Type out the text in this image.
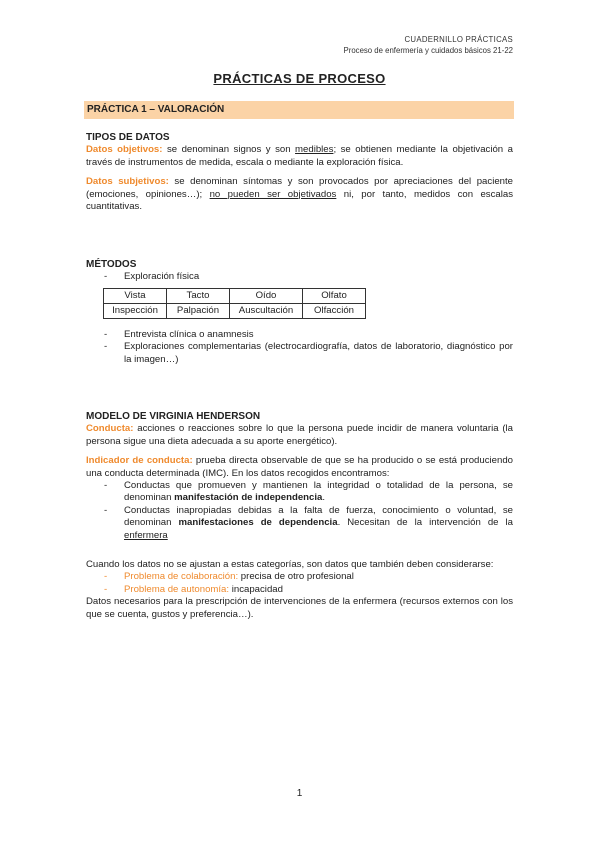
CUADERNILLO PRÁCTICAS
Proceso de enfermería y cuidados básicos 21-22
PRÁCTICAS DE PROCESO
PRÁCTICA 1 – VALORACIÓN
TIPOS DE DATOS
Datos objetivos: se denominan signos y son medibles; se obtienen mediante la objetivación a través de instrumentos de medida, escala o mediante la exploración física.
Datos subjetivos: se denominan síntomas y son provocados por apreciaciones del paciente (emociones, opiniones…); no pueden ser objetivados ni, por tanto, medidos con escalas cuantitativas.
MÉTODOS
- Exploración física
Vista	Tacto	Oído	Olfato
Inspección	Palpación	Auscultación	Olfacción
- Entrevista clínica o anamnesis
- Exploraciones complementarias (electrocardiografía, datos de laboratorio, diagnóstico por la imagen…)
MODELO DE VIRGINIA HENDERSON
Conducta: acciones o reacciones sobre lo que la persona puede incidir de manera voluntaria (la persona sigue una dieta adecuada a su aporte energético).
Indicador de conducta: prueba directa observable de que se ha producido o se está produciendo una conducta determinada (IMC). En los datos recogidos encontramos:
- Conductas que promueven y mantienen la integridad o totalidad de la persona, se denominan manifestación de independencia.
- Conductas inapropiadas debidas a la falta de fuerza, conocimiento o voluntad, se denominan manifestaciones de dependencia. Necesitan de la intervención de la enfermera
Cuando los datos no se ajustan a estas categorías, son datos que también deben considerarse:
- Problema de colaboración: precisa de otro profesional
- Problema de autonomía: incapacidad
Datos necesarios para la prescripción de intervenciones de la enfermera (recursos externos con los que se cuenta, gustos y preferencia…).
1
